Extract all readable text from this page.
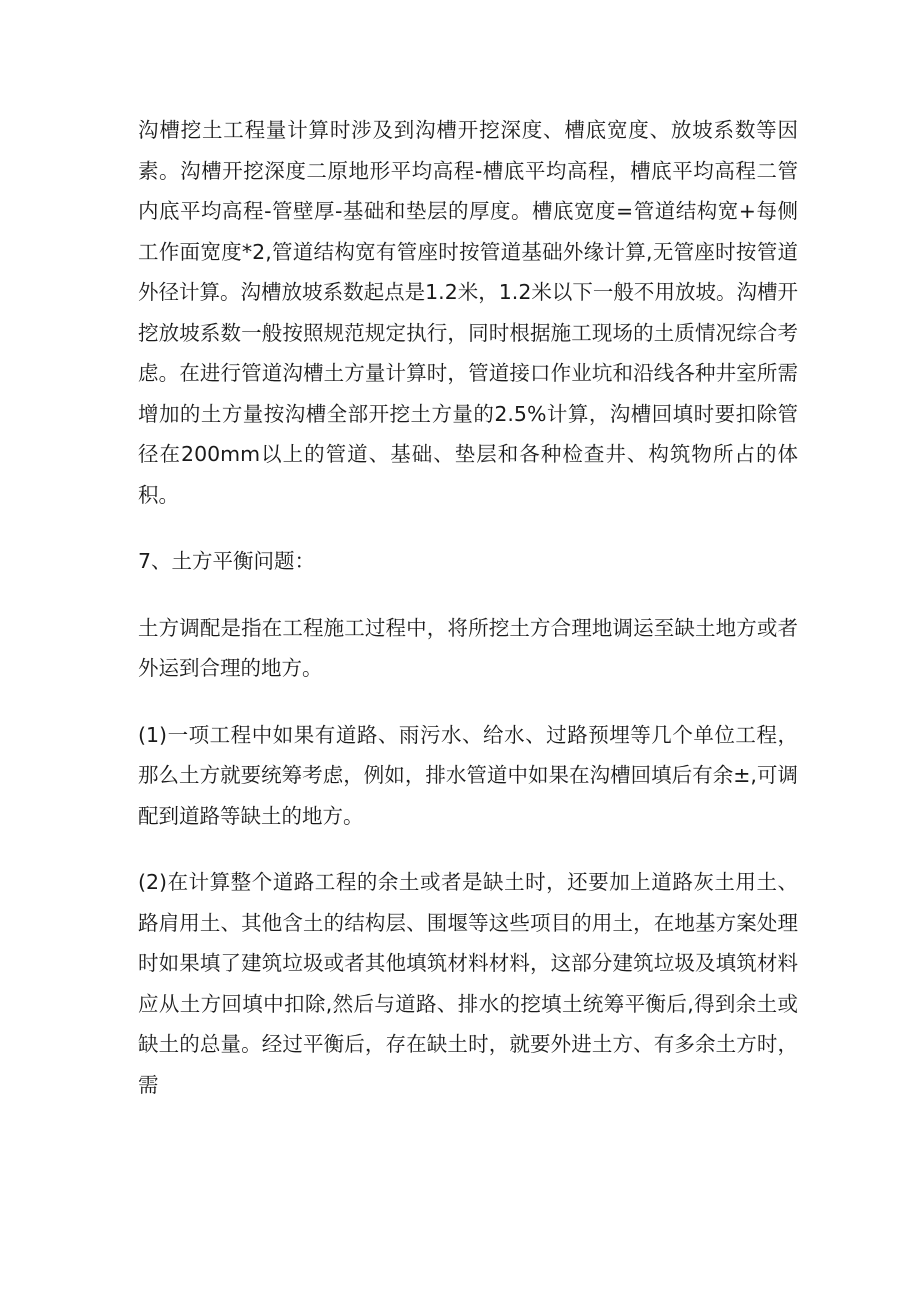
沟槽挖土工程量计算时涉及到沟槽开挖深度、槽底宽度、放坡系数等因素。沟槽开挖深度二原地形平均高程-槽底平均高程，槽底平均高程二管内底平均高程-管壁厚-基础和垫层的厚度。槽底宽度=管道结构宽+每侧工作面宽度*2,管道结构宽有管座时按管道基础外缘计算,无管座时按管道外径计算。沟槽放坡系数起点是1.2米，1.2米以下一般不用放坡。沟槽开挖放坡系数一般按照规范规定执行，同时根据施工现场的土质情况综合考虑。在进行管道沟槽土方量计算时，管道接口作业坑和沿线各种井室所需增加的土方量按沟槽全部开挖土方量的2.5%计算，沟槽回填时要扣除管径在200mm以上的管道、基础、垫层和各种检查井、构筑物所占的体积。

7、土方平衡问题：

土方调配是指在工程施工过程中，将所挖土方合理地调运至缺土地方或者外运到合理的地方。

(1)一项工程中如果有道路、雨污水、给水、过路预埋等几个单位工程，那么土方就要统筹考虑，例如，排水管道中如果在沟槽回填后有余±,可调配到道路等缺土的地方。

(2)在计算整个道路工程的余土或者是缺土时，还要加上道路灰土用土、路肩用土、其他含土的结构层、围堰等这些项目的用土，在地基方案处理时如果填了建筑垃圾或者其他填筑材料材料，这部分建筑垃圾及填筑材料应从土方回填中扣除,然后与道路、排水的挖填土统筹平衡后,得到余土或缺土的总量。经过平衡后，存在缺土时，就要外进土方、有多余土方时，需
